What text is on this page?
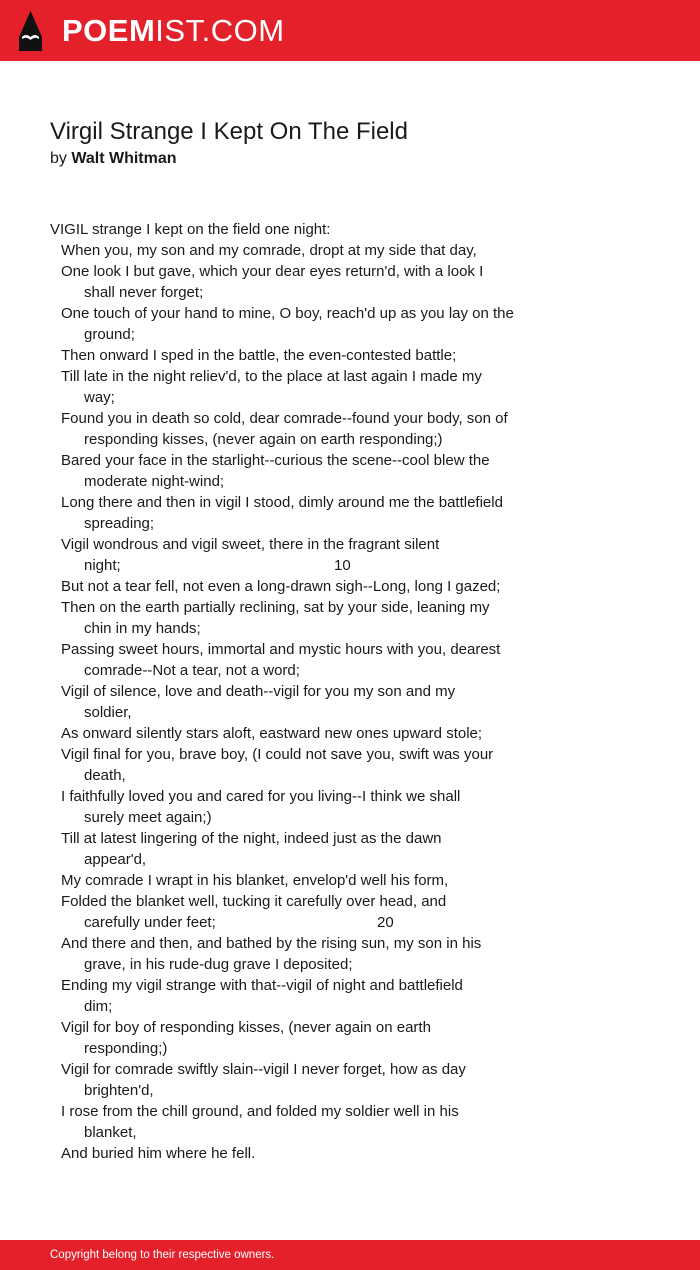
POEMIST.COM
Virgil Strange I Kept On The Field
by Walt Whitman
VIGIL strange I kept on the field one night:
When you, my son and my comrade, dropt at my side that day,
One look I but gave, which your dear eyes return'd, with a look I
shall never forget;
One touch of your hand to mine, O boy, reach'd up as you lay on the
ground;
Then onward I sped in the battle, the even-contested battle;
Till late in the night reliev'd, to the place at last again I made my
way;
Found you in death so cold, dear comrade--found your body, son of
responding kisses, (never again on earth responding;)
Bared your face in the starlight--curious the scene--cool blew the
moderate night-wind;
Long there and then in vigil I stood, dimly around me the battlefield
spreading;
Vigil wondrous and vigil sweet, there in the fragrant silent
night;	10
But not a tear fell, not even a long-drawn sigh--Long, long I gazed;
Then on the earth partially reclining, sat by your side, leaning my
chin in my hands;
Passing sweet hours, immortal and mystic hours with you, dearest
comrade--Not a tear, not a word;
Vigil of silence, love and death--vigil for you my son and my
soldier,
As onward silently stars aloft, eastward new ones upward stole;
Vigil final for you, brave boy, (I could not save you, swift was your
death,
I faithfully loved you and cared for you living--I think we shall
surely meet again;)
Till at latest lingering of the night, indeed just as the dawn
appear'd,
My comrade I wrapt in his blanket, envelop'd well his form,
Folded the blanket well, tucking it carefully over head, and
carefully under feet;	20
And there and then, and bathed by the rising sun, my son in his
grave, in his rude-dug grave I deposited;
Ending my vigil strange with that--vigil of night and battlefield
dim;
Vigil for boy of responding kisses, (never again on earth
responding;)
Vigil for comrade swiftly slain--vigil I never forget, how as day
brighten'd,
I rose from the chill ground, and folded my soldier well in his
blanket,
And buried him where he fell.
Copyright belong to their respective owners.
